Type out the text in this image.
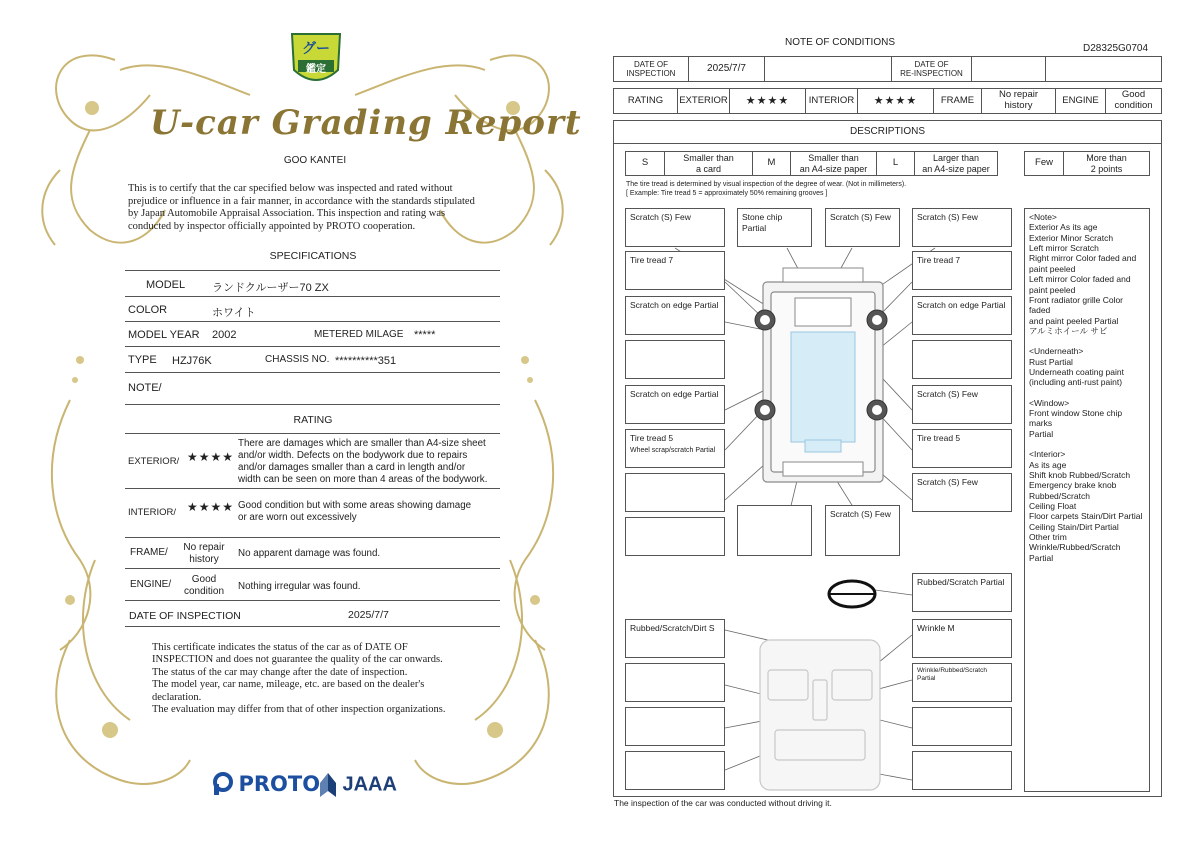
グー
鑑定
U-car Grading Report
GOO KANTEI
This is to certify that the car specified below was inspected and rated without
prejudice or influence in a fair manner, in accordance with the standards stipulated
by Japan Automobile Appraisal Association. This inspection and rating was
conducted by inspector officially appointed by PROTO cooperation.
SPECIFICATIONS
MODEL ランドクルーザー70 ZX
COLOR	ホワイト
MODEL YEAR 2002	METERED MILAGE *****
TYPE HZJ76K	CHASSIS NO. **********351
NOTE/
RATING
EXTERIOR/ ★★★★
There are damages which are smaller than A4-size sheet
and/or width. Defects on the bodywork due to repairs
and/or damages smaller than a card in length and/or
width can be seen on more than 4 areas of the bodywork.
INTERIOR/ ★★★★ Good condition but with some areas showing damage
or are worn out excessively
FRAME/	No repair
history
No apparent damage was found.
ENGINE/	Good
condition	Nothing irregular was found.
DATE OF INSPECTION	2025/7/7
This certificate indicates the status of the car as of DATE OF
INSPECTION and does not guarantee the quality of the car onwards.
The status of the car may change after the date of inspection.
The model year, car name, mileage, etc. are based on the dealer's
declaration.
The evaluation may differ from that of other inspection organizations.
PROTO	JAAA
NOTE OF CONDITIONS
D28325G0704
DATE OF
INSPECTION	2025/7/7	DATE OF
RE-INSPECTION
RATING	EXTERIOR	★★★★	INTERIOR	★★★★	FRAME	No repair
history	ENGINE	Good
condition
DESCRIPTIONS
S	Smaller than
a card
M	Smaller than
an A4-size paper
L	Larger than
an A4-size paper
Few	More than
2 points
The tire tread is determined by visual inspection of the degree of wear. (Not in millimeters).
[ Example: Tire tread 5 = approximately 50% remaining grooves ]
Scratch (S) Few	Stone chip Partial
Scratch (S) Few	Scratch (S) Few
Tire tread 7	Tire tread 7
Scratch on edge Partial	Scratch on edge Partial
Scratch on edge Partial	Scratch (S) Few
Tire tread 5
Wheel scrap/scratch Partial
Tire tread 5
Scratch (S) Few
Scratch (S) Few
Rubbed/Scratch Partial
Rubbed/Scratch/Dirt S	Wrinkle M
Wrinkle/Rubbed/Scratch Partial
<Note>
Exterior As its age
Exterior Minor Scratch
Left mirror Scratch
Right mirror Color faded and
paint peeled
Left mirror Color faded and
paint peeled
Front radiator grille Color faded
and paint peeled Partial
アルミホイール サビ
<Underneath>
Rust Partial
Underneath coating paint
(including anti-rust paint)
<Window>
Front window Stone chip marks
Partial
<Interior>
As its age
Shift knob Rubbed/Scratch
Emergency brake knob
Rubbed/Scratch
Ceiling Float
Floor carpets Stain/Dirt Partial
Ceiling Stain/Dirt Partial
Other trim
Wrinkle/Rubbed/Scratch
Partial
The inspection of the car was conducted without driving it.
